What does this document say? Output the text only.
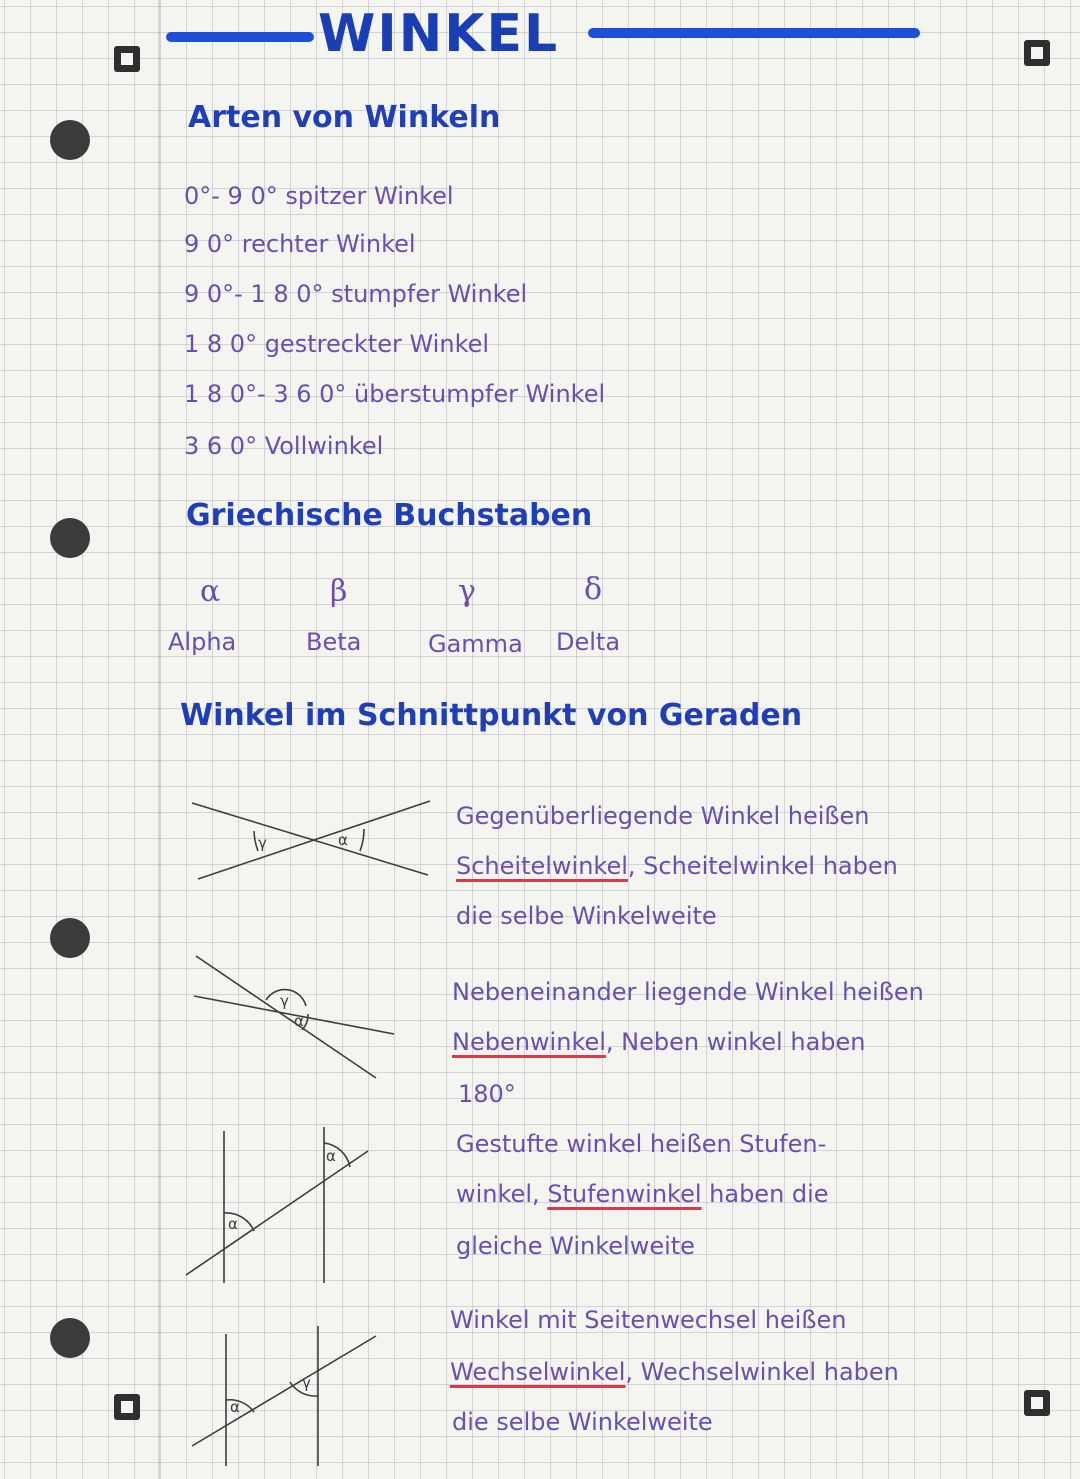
WINKEL
Arten von Winkeln
0°- 9 0° spitzer Winkel
9 0° rechter Winkel
9 0°- 1 8 0° stumpfer Winkel
1 8 0° gestreckter Winkel
1 8 0°- 3 6 0° überstumpfer Winkel
3 6 0° Vollwinkel
Griechische Buchstaben
α	β	γ	δ
Alpha	Beta	Gamma Delta
Winkel im Schnittpunkt von Geraden
γ	α
γ
α
α
α
α
γ
Gegenüberliegende Winkel heißen
Scheitelwinkel, Scheitelwinkel haben
die selbe Winkelweite
Nebeneinander liegende Winkel heißen
Nebenwinkel, Neben winkel haben
180°
Gestufte winkel heißen Stufen-
winkel, Stufenwinkel haben die
gleiche Winkelweite
Winkel mit Seitenwechsel heißen
Wechselwinkel, Wechselwinkel haben
die selbe Winkelweite
